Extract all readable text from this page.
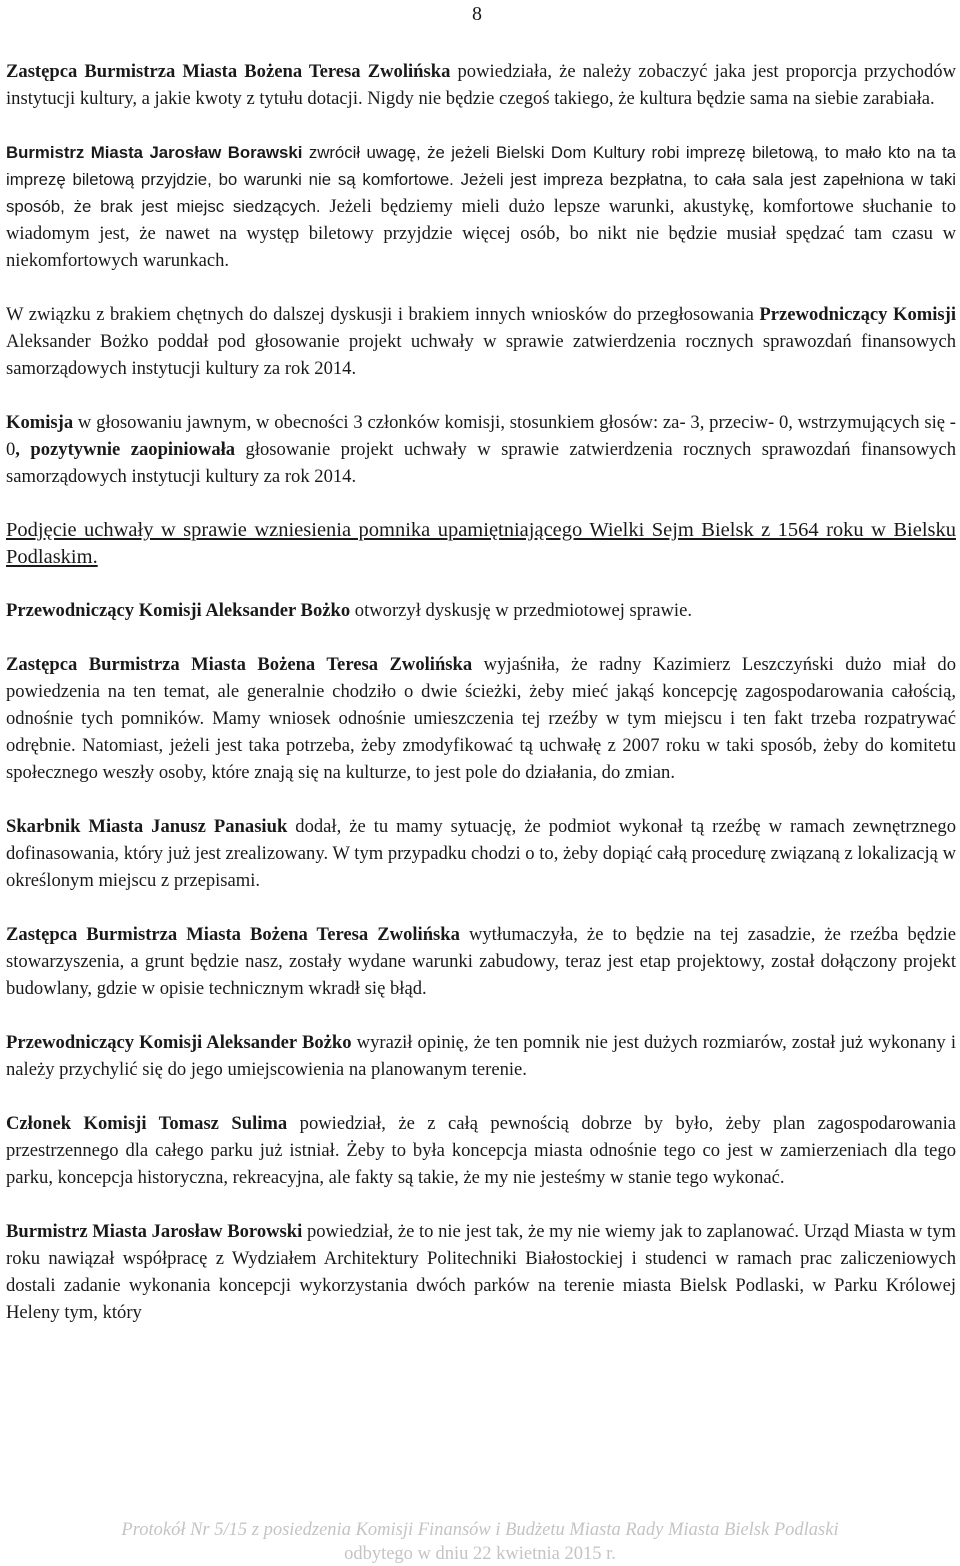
8

Zastępca Burmistrza Miasta Bożena Teresa Zwolińska powiedziała, że należy zobaczyć jaka jest proporcja przychodów instytucji kultury, a jakie kwoty z tytułu dotacji. Nigdy nie będzie czegoś takiego, że kultura będzie sama na siebie zarabiała.

Burmistrz Miasta Jarosław Borawski zwrócił uwagę, że jeżeli Bielski Dom Kultury robi imprezę biletową, to mało kto na ta imprezę biletową przyjdzie, bo warunki nie są komfortowe. Jeżeli jest impreza bezpłatna, to cała sala jest zapełniona w taki sposób, że brak jest miejsc siedzących. Jeżeli będziemy mieli dużo lepsze warunki, akustykę, komfortowe słuchanie to wiadomym jest, że nawet na występ biletowy przyjdzie więcej osób, bo nikt nie będzie musiał spędzać tam czasu w niekomfortowych warunkach.

W związku z brakiem chętnych do dalszej dyskusji i brakiem innych wniosków do przegłosowania Przewodniczący Komisji Aleksander Bożko poddał pod głosowanie projekt uchwały w sprawie zatwierdzenia rocznych sprawozdań finansowych samorządowych instytucji kultury za rok 2014.

Komisja w głosowaniu jawnym, w obecności 3 członków komisji, stosunkiem głosów: za- 3, przeciw- 0, wstrzymujących się - 0, pozytywnie zaopiniowała głosowanie projekt uchwały w sprawie zatwierdzenia rocznych sprawozdań finansowych samorządowych instytucji kultury za rok 2014.

Podjęcie uchwały w sprawie wzniesienia pomnika upamiętniającego Wielki Sejm Bielsk z 1564 roku w Bielsku Podlaskim.

Przewodniczący Komisji Aleksander Bożko otworzył dyskusję w przedmiotowej sprawie.

Zastępca Burmistrza Miasta Bożena Teresa Zwolińska wyjaśniła, że radny Kazimierz Leszczyński dużo miał do powiedzenia na ten temat, ale generalnie chodziło o dwie ścieżki, żeby mieć jakąś koncepcję zagospodarowania całością, odnośnie tych pomników. Mamy wniosek odnośnie umieszczenia tej rzeźby w tym miejscu i ten fakt trzeba rozpatrywać odrębnie. Natomiast, jeżeli jest taka potrzeba, żeby zmodyfikować tą uchwałę z 2007 roku w taki sposób, żeby do komitetu społecznego weszły osoby, które znają się na kulturze, to jest pole do działania, do zmian.

Skarbnik Miasta Janusz Panasiuk dodał, że tu mamy sytuację, że podmiot wykonał tą rzeźbę w ramach zewnętrznego dofinasowania, który już jest zrealizowany. W tym przypadku chodzi o to, żeby dopiąć całą procedurę związaną z lokalizacją w określonym miejscu z przepisami.

Zastępca Burmistrza Miasta Bożena Teresa Zwolińska wytłumaczyła, że to będzie na tej zasadzie, że rzeźba będzie stowarzyszenia, a grunt będzie nasz, zostały wydane warunki zabudowy, teraz jest etap projektowy, został dołączony projekt budowlany, gdzie w opisie technicznym wkradł się błąd.

Przewodniczący Komisji Aleksander Bożko wyraził opinię, że ten pomnik nie jest dużych rozmiarów, został już wykonany i należy przychylić się do jego umiejscowienia na planowanym terenie.

Członek Komisji Tomasz Sulima powiedział, że z całą pewnością dobrze by było, żeby plan zagospodarowania przestrzennego dla całego parku już istniał. Żeby to była koncepcja miasta odnośnie tego co jest w zamierzeniach dla tego parku, koncepcja historyczna, rekreacyjna, ale fakty są takie, że my nie jesteśmy w stanie tego wykonać.

Burmistrz Miasta Jarosław Borowski powiedział, że to nie jest tak, że my nie wiemy jak to zaplanować. Urząd Miasta w tym roku nawiązał współpracę z Wydziałem Architektury Politechniki Białostockiej i studenci w ramach prac zaliczeniowych dostali zadanie wykonania koncepcji wykorzystania dwóch parków na terenie miasta Bielsk Podlaski, w Parku Królowej Heleny tym, który

Protokół Nr 5/15 z posiedzenia Komisji Finansów i Budżetu Miasta Rady Miasta Bielsk Podlaski
odbytego w dniu 22 kwietnia 2015 r.
